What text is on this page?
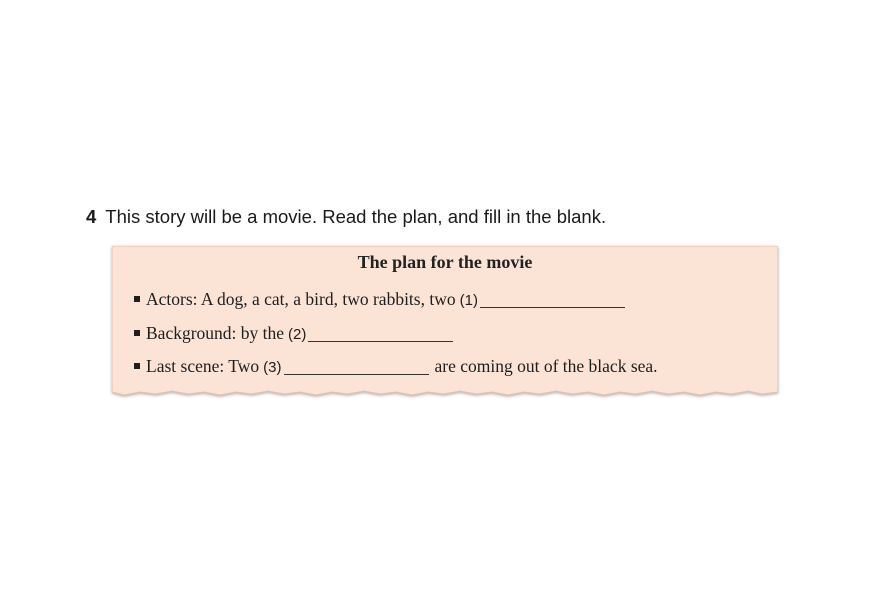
4 This story will be a movie. Read the plan, and fill in the blank.
The plan for the movie
Actors: A dog, a cat, a bird, two rabbits, two (1)
Background: by the (2)
Last scene: Two (3)	are coming out of the black sea.
